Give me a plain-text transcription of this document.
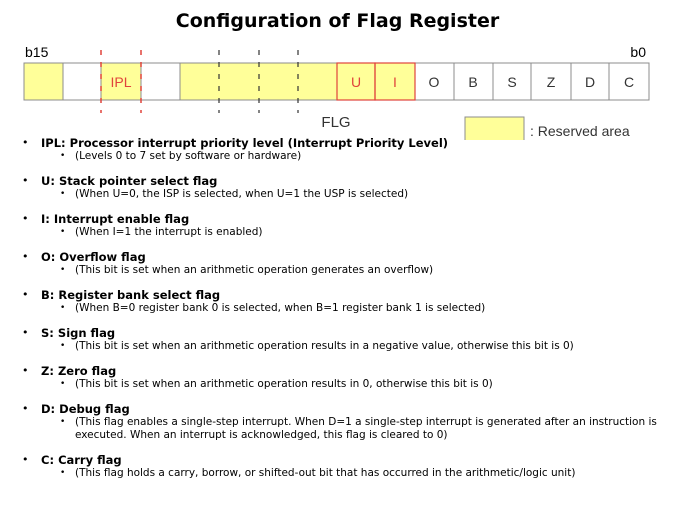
Configuration of Flag Register
b15	b0
IPL	U I O B S Z D C
FLG	: Reserved area
•	IPL: Processor interrupt priority level (Interrupt Priority Level)
• (Levels 0 to 7 set by software or hardware)
•	U: Stack pointer select flag
• (When U=0, the ISP is selected, when U=1 the USP is selected)
•	I: Interrupt enable flag
• (When I=1 the interrupt is enabled)
•	O: Overflow flag
• (This bit is set when an arithmetic operation generates an overflow)
•	B: Register bank select flag
• (When B=0 register bank 0 is selected, when B=1 register bank 1 is selected)
•	S: Sign flag
• (This bit is set when an arithmetic operation results in a negative value, otherwise this bit is 0)
•	Z: Zero flag
• (This bit is set when an arithmetic operation results in 0, otherwise this bit is 0)
•	D: Debug flag
• (This flag enables a single-step interrupt. When D=1 a single-step interrupt is generated after an instruction is executed. When an interrupt is acknowledged, this flag is cleared to 0)
•	C: Carry flag
• (This flag holds a carry, borrow, or shifted-out bit that has occurred in the arithmetic/logic unit)
